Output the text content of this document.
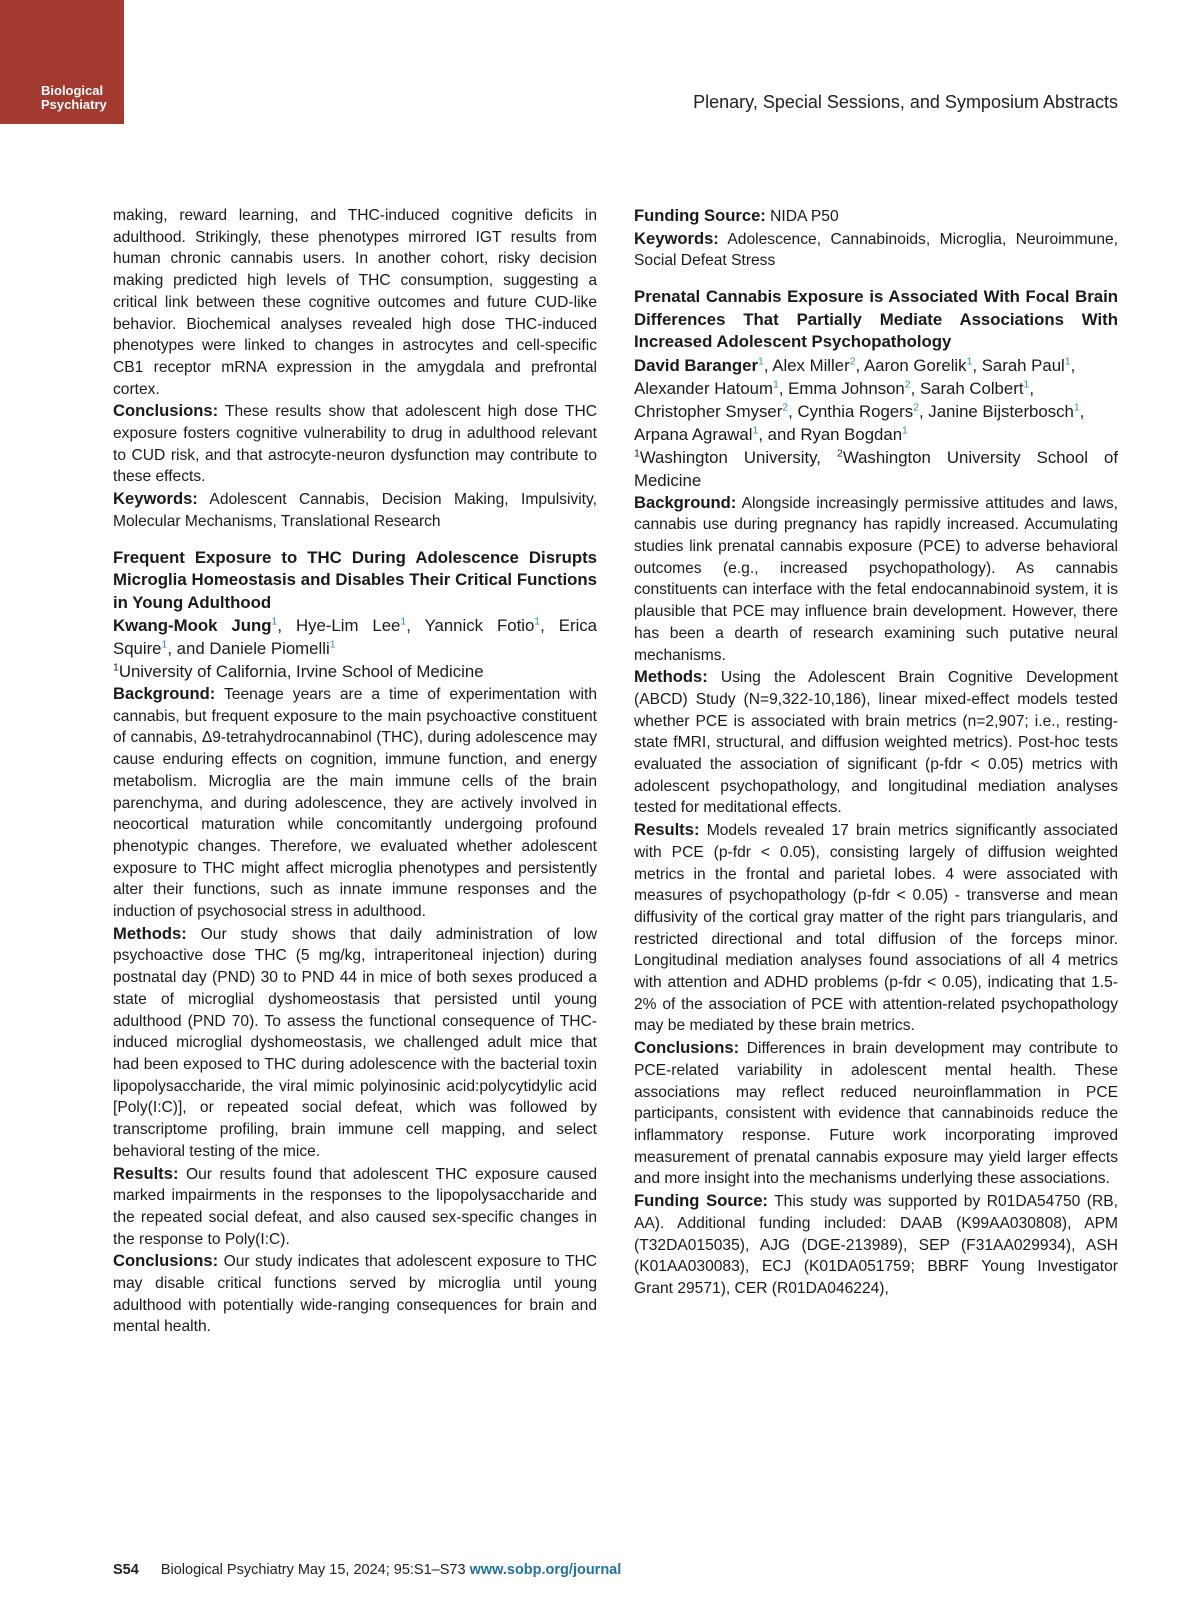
Biological
Psychiatry	Plenary, Special Sessions, and Symposium Abstracts

making, reward learning, and THC-induced cognitive deficits in adulthood. Strikingly, these phenotypes mirrored IGT results from human chronic cannabis users. In another cohort, risky decision making predicted high levels of THC consumption, suggesting a critical link between these cognitive outcomes and future CUD-like behavior. Biochemical analyses revealed high dose THC-induced phenotypes were linked to changes in astrocytes and cell-specific CB1 receptor mRNA expression in the amygdala and prefrontal cortex.

Conclusions: These results show that adolescent high dose THC exposure fosters cognitive vulnerability to drug in adulthood relevant to CUD risk, and that astrocyte-neuron dysfunction may contribute to these effects.

Keywords: Adolescent Cannabis, Decision Making, Impulsivity, Molecular Mechanisms, Translational Research

Frequent Exposure to THC During Adolescence Disrupts Microglia Homeostasis and Disables Their Critical Functions in Young Adulthood

Kwang-Mook Jung$^1$, Hye-Lim Lee$^1$, Yannick Fotio$^1$, Erica Squire$^1$, and Daniele Piomelli$^1$

$^1$University of California, Irvine School of Medicine

Background: Teenage years are a time of experimentation with cannabis, but frequent exposure to the main psychoactive constituent of cannabis, Δ9-tetrahydrocannabinol (THC), during adolescence may cause enduring effects on cognition, immune function, and energy metabolism. Microglia are the main immune cells of the brain parenchyma, and during adolescence, they are actively involved in neocortical maturation while concomitantly undergoing profound phenotypic changes. Therefore, we evaluated whether adolescent exposure to THC might affect microglia phenotypes and persistently alter their functions, such as innate immune responses and the induction of psychosocial stress in adulthood.

Methods: Our study shows that daily administration of low psychoactive dose THC (5 mg/kg, intraperitoneal injection) during postnatal day (PND) 30 to PND 44 in mice of both sexes produced a state of microglial dyshomeostasis that persisted until young adulthood (PND 70). To assess the functional consequence of THC-induced microglial dyshomeostasis, we challenged adult mice that had been exposed to THC during adolescence with the bacterial toxin lipopolysaccharide, the viral mimic polyinosinic acid:polycytidylic acid [Poly(I:C)], or repeated social defeat, which was followed by transcriptome profiling, brain immune cell mapping, and select behavioral testing of the mice.

Results: Our results found that adolescent THC exposure caused marked impairments in the responses to the lipopolysaccharide and the repeated social defeat, and also caused sex-specific changes in the response to Poly(I:C).

Conclusions: Our study indicates that adolescent exposure to THC may disable critical functions served by microglia until young adulthood with potentially wide-ranging consequences for brain and mental health.

Funding Source: NIDA P50

Keywords: Adolescence, Cannabinoids, Microglia, Neuroimmune, Social Defeat Stress

Prenatal Cannabis Exposure is Associated With Focal Brain Differences That Partially Mediate Associations With Increased Adolescent Psychopathology

David Baranger$^1$, Alex Miller$^2$, Aaron Gorelik$^1$, Sarah Paul$^1$, Alexander Hatoum$^1$, Emma Johnson$^2$, Sarah Colbert$^1$, Christopher Smyser$^2$, Cynthia Rogers$^2$, Janine Bijsterbosch$^1$, Arpana Agrawal$^1$, and Ryan Bogdan$^1$

$^1$Washington University, $^2$Washington University School of Medicine

Background: Alongside increasingly permissive attitudes and laws, cannabis use during pregnancy has rapidly increased. Accumulating studies link prenatal cannabis exposure (PCE) to adverse behavioral outcomes (e.g., increased psychopathology). As cannabis constituents can interface with the fetal endocannabinoid system, it is plausible that PCE may influence brain development. However, there has been a dearth of research examining such putative neural mechanisms.

Methods: Using the Adolescent Brain Cognitive Development (ABCD) Study (N=9,322-10,186), linear mixed-effect models tested whether PCE is associated with brain metrics (n=2,907; i.e., resting-state fMRI, structural, and diffusion weighted metrics). Post-hoc tests evaluated the association of significant (p-fdr < 0.05) metrics with adolescent psychopathology, and longitudinal mediation analyses tested for meditational effects.

Results: Models revealed 17 brain metrics significantly associated with PCE (p-fdr < 0.05), consisting largely of diffusion weighted metrics in the frontal and parietal lobes. 4 were associated with measures of psychopathology (p-fdr < 0.05) - transverse and mean diffusivity of the cortical gray matter of the right pars triangularis, and restricted directional and total diffusion of the forceps minor. Longitudinal mediation analyses found associations of all 4 metrics with attention and ADHD problems (p-fdr < 0.05), indicating that 1.5-2% of the association of PCE with attention-related psychopathology may be mediated by these brain metrics.

Conclusions: Differences in brain development may contribute to PCE-related variability in adolescent mental health. These associations may reflect reduced neuroinflammation in PCE participants, consistent with evidence that cannabinoids reduce the inflammatory response. Future work incorporating improved measurement of prenatal cannabis exposure may yield larger effects and more insight into the mechanisms underlying these associations.

Funding Source: This study was supported by R01DA54750 (RB, AA). Additional funding included: DAAB (K99AA030808), APM (T32DA015035), AJG (DGE-213989), SEP (F31AA029934), ASH (K01AA030083), ECJ (K01DA051759; BBRF Young Investigator Grant 29571), CER (R01DA046224),

S54 Biological Psychiatry May 15, 2024; 95:S1–S73 www.sobp.org/journal
